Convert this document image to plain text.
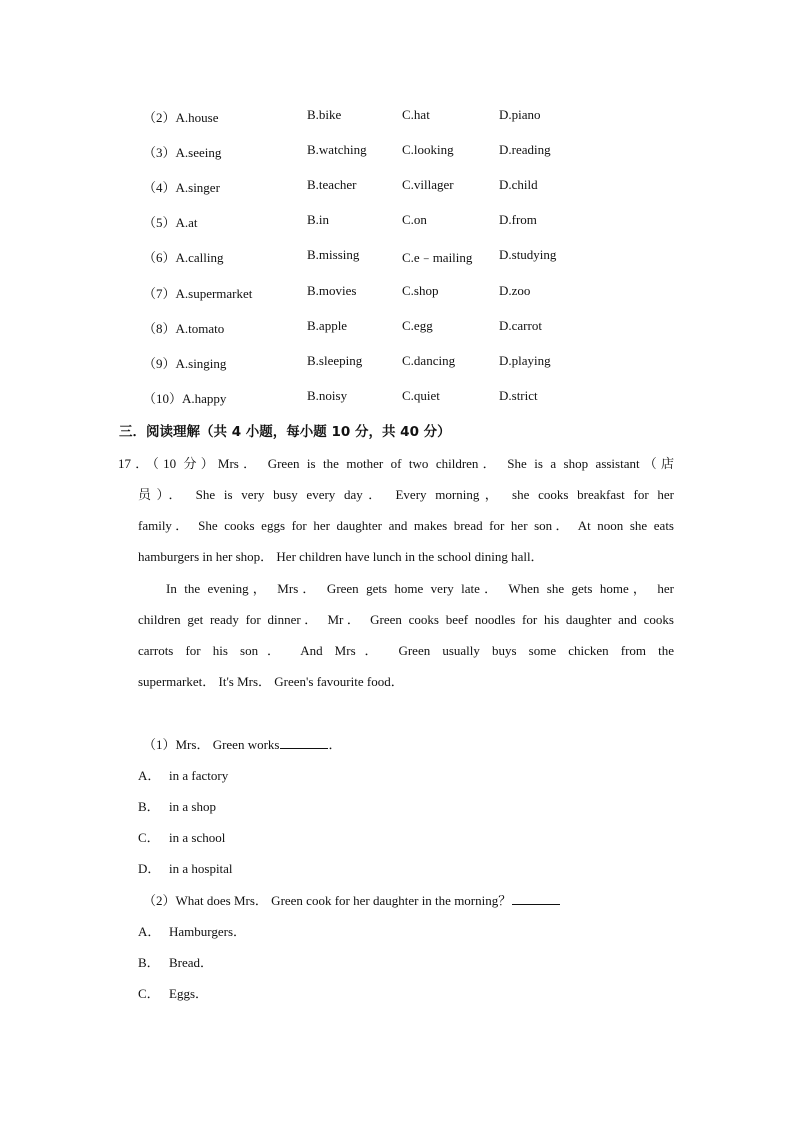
（2）A.house	B.bike	C.hat	D.piano
（3）A.seeing	B.watching	C.looking	D.reading
（4）A.singer	B.teacher	C.villager	D.child
（5）A.at	B.in	C.on	D.from
（6）A.calling	B.missing	C.e﹣mailing D.studying
（7）A.supermarket	B.movies	C.shop	D.zoo
（8）A.tomato	B.apple	C.egg	D.carrot
（9）A.singing	B.sleeping	C.dancing	D.playing
（10）A.happy	B.noisy	C.quiet	D.strict
三．阅读理解（共 4 小题，每小题 10 分，共 40 分）
17．（10 分）Mrs． Green is the mother of two children． She is a shop assistant（店
员）． She is very busy every day． Every morning， she cooks breakfast for her
family． She cooks eggs for her daughter and makes bread for her son． At noon she eats
hamburgers in her shop． Her children have lunch in the school dining hall．
In the evening， Mrs． Green gets home very late． When she gets home， her
children get ready for dinner． Mr． Green cooks beef noodles for his daughter and cooks
carrots for his son． And Mrs． Green usually buys some chicken from the
supermarket． It's Mrs． Green's favourite food．
（1）Mrs． Green works	．
A． in a factory
B． in a shop
C． in a school
D． in a hospital
（2）What does Mrs． Green cook for her daughter in the morning？
A． Hamburgers．
B． Bread．
C． Eggs．
